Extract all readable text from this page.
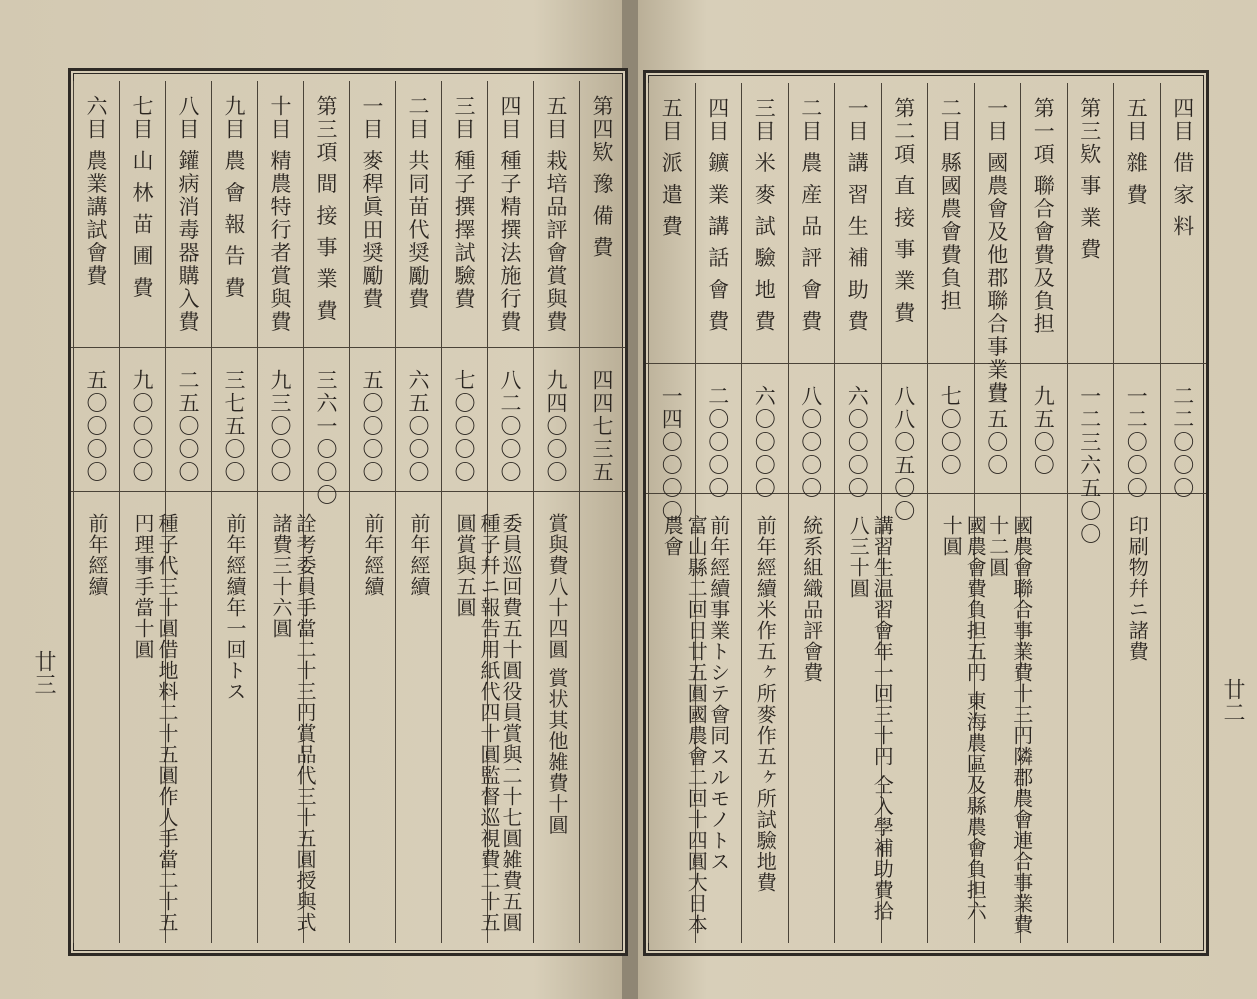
第四欵 豫 備 費
四四七三五
五目 栽培品評會賞與費
九四〇〇〇
賞與費八十四圓 賞状其他雑費十圓
四目 種子精撰法施行費
八二〇〇〇
委員巡回費五十圓役員賞與二十七圓雑費五圓
三目 種子撰擇試驗費
七〇〇〇〇
種子幷ニ報告用紙代四十圓監督巡視費二十五圓賞與五圓
二目 共同苗代奨勵費
六五〇〇〇
前年經續
一目 麥稈眞田奨勵費
五〇〇〇〇
前年經續
第三項 間 接 事 業 費
三六一〇〇〇
十目 精農特行者賞與費
九三〇〇〇
詮考委員手當二十三円賞品代三十五圓授與式諸費三十六圓
九目 農 會 報 告 費
三七五〇〇
前年經續年一回トス
八目 鑵病消毒器購入費
二五〇〇〇
七目 山 林 苗 圃 費
九〇〇〇〇
種子代三十圓借地料二十五圓作人手當二十五円理事手當十圓
六目 農業講試會費
五〇〇〇〇
前年經續
四目 借 家 料
二二〇〇〇
五目 雜 費
一二〇〇〇
印刷物幷ニ諸費
第三欵 事 業 費
一二三六五〇〇
第一項 聯合會費及負担
九五〇〇
一目 國農會及他郡聯合事業費
二五〇〇
國農會聯合事業費十三円隣郡農會連合事業費十二圓
二目 縣國農會費負担
七〇〇〇
國農會費負担五円 東海農區及縣農會負担六十圓
第二項 直 接 事 業 費
八八〇五〇〇
一目 講 習 生 補 助 費
六〇〇〇〇
講習生温習會年一回三十円 仝入學補助費拾八三十圓
二目 農 産 品 評 會 費
八〇〇〇〇
統系組織品評會費
三目 米 麥 試 驗 地 費
六〇〇〇〇
前年經續米作五ヶ所麥作五ヶ所試驗地費
四目 鑛 業 講 話 會 費
二〇〇〇〇
前年經續事業トシテ會同スルモノトス
五目 派 遣 費
一四〇〇〇〇
富山縣二回日廿五圓國農會二回十四圓大日本農會
廿三
廿二
